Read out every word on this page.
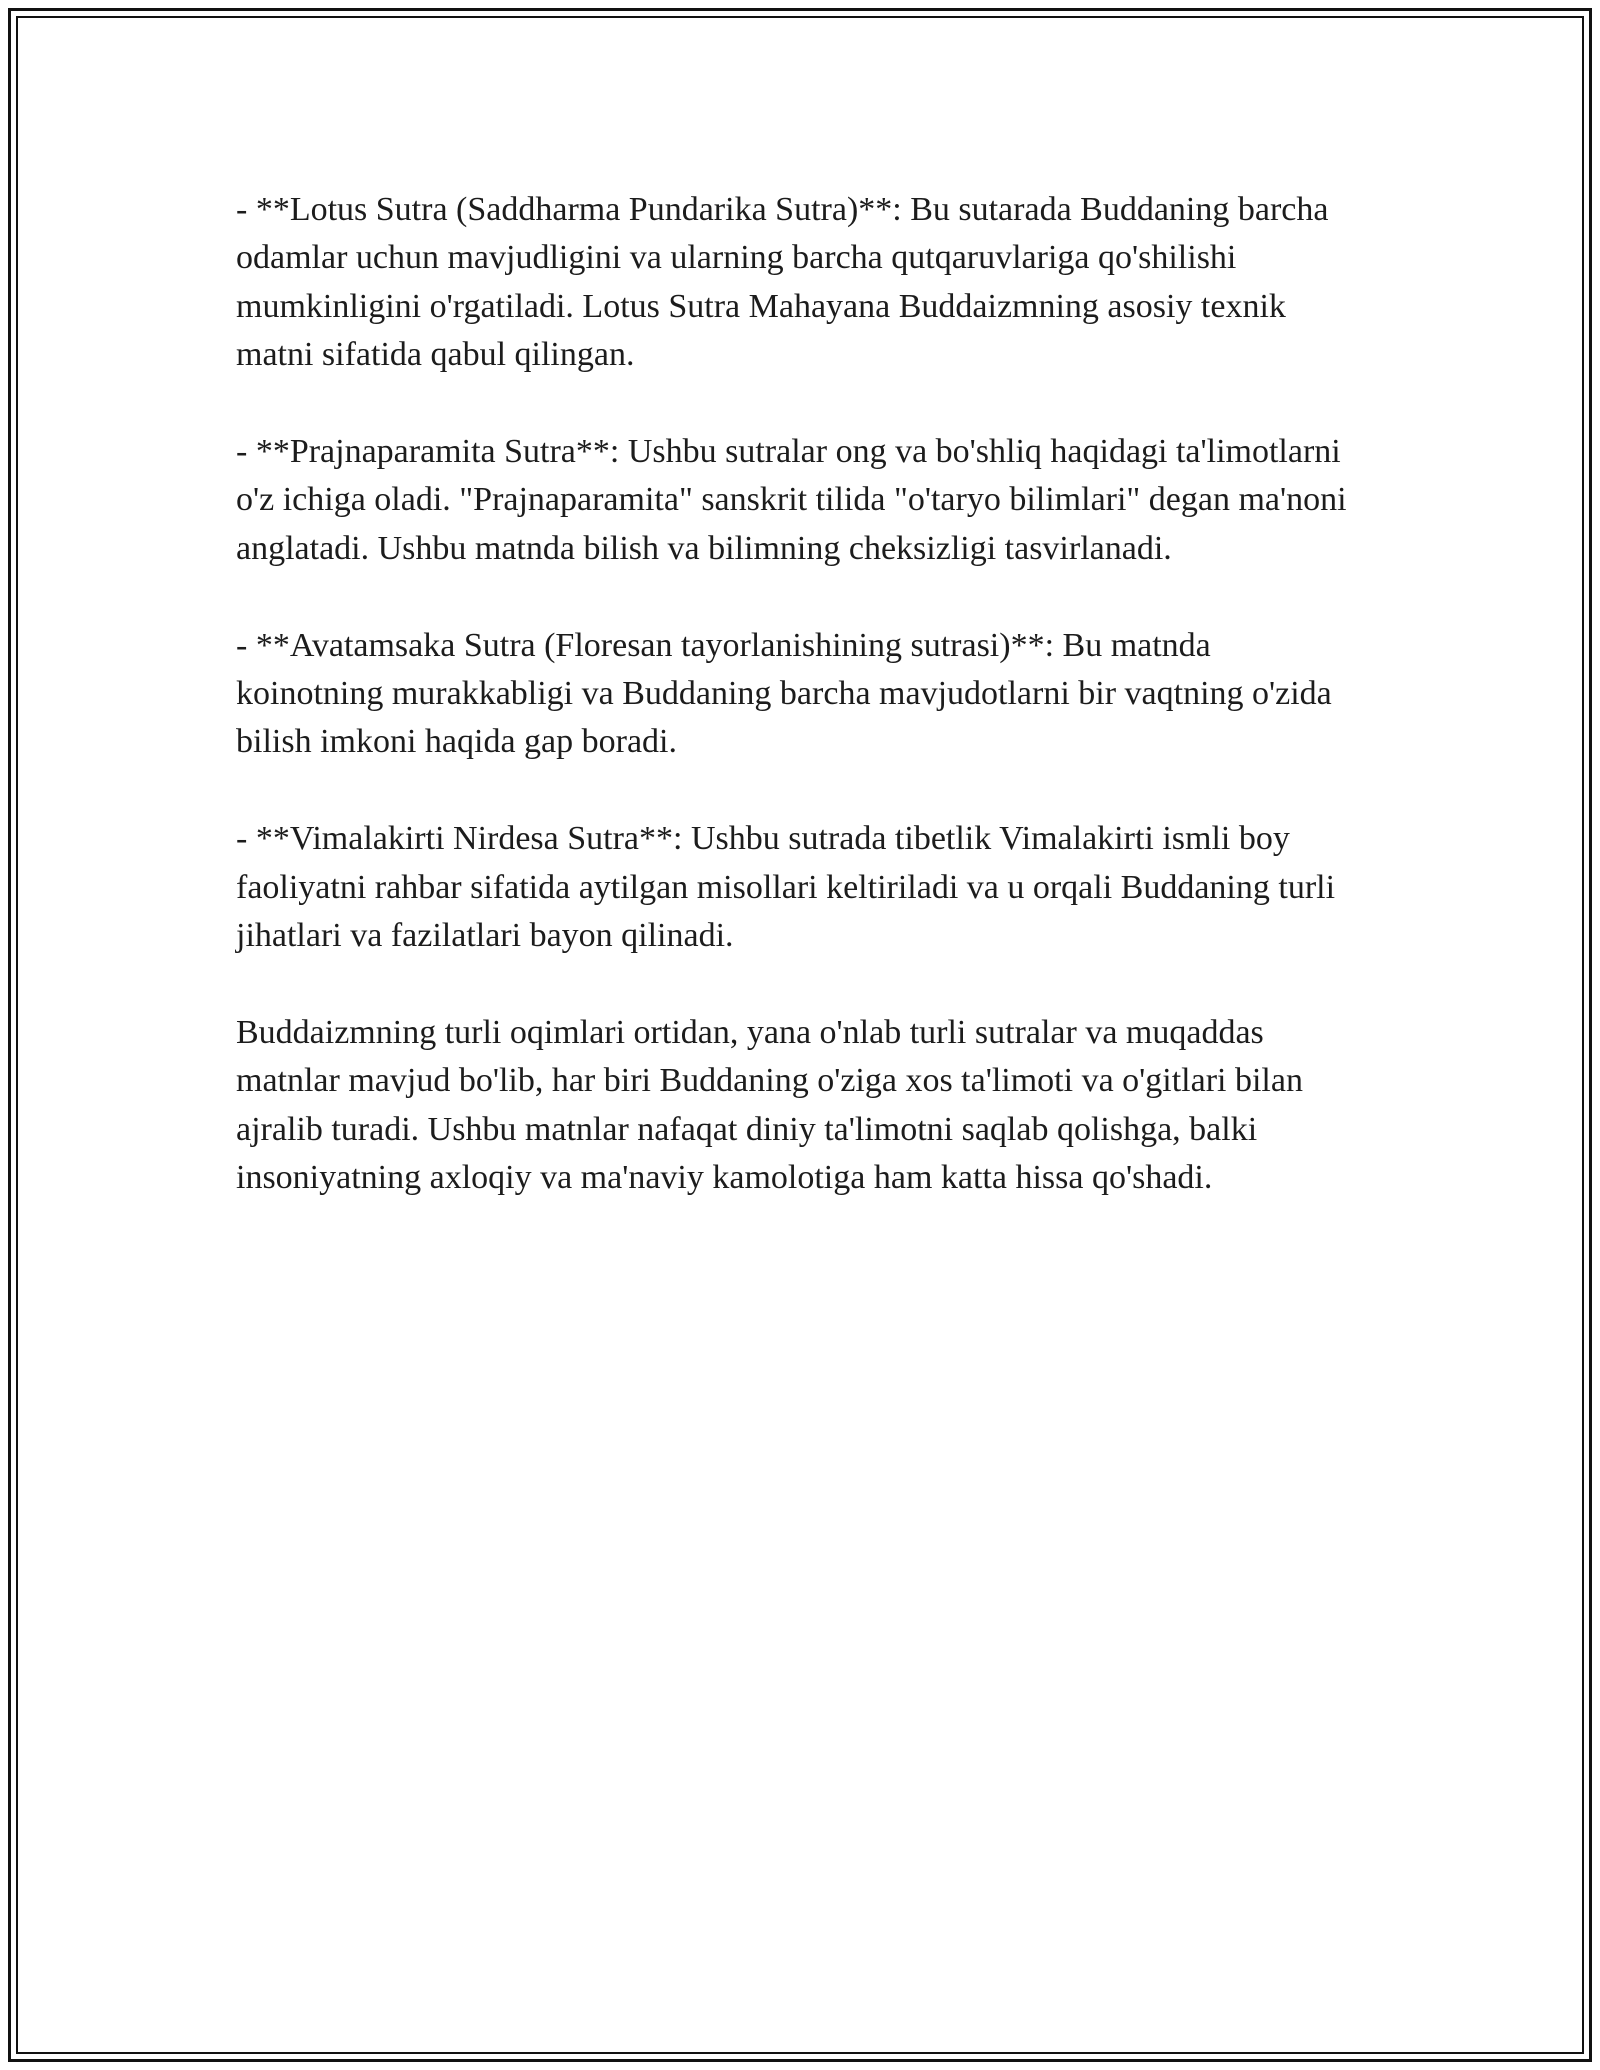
- **Lotus Sutra (Saddharma Pundarika Sutra)**: Bu sutarada Buddaning barcha odamlar uchun mavjudligini va ularning barcha qutqaruvlariga qo'shilishi mumkinligini o'rgatiladi. Lotus Sutra Mahayana Buddaizmning asosiy texnik matni sifatida qabul qilingan.

- **Prajnaparamita Sutra**: Ushbu sutralar ong va bo'shliq haqidagi ta'limotlarni o'z ichiga oladi. "Prajnaparamita" sanskrit tilida "o'taryo bilimlari" degan ma'noni anglatadi. Ushbu matnda bilish va bilimning cheksizligi tasvirlanadi.

- **Avatamsaka Sutra (Floresan tayorlanishining sutrasi)**: Bu matnda koinotning murakkabligi va Buddaning barcha mavjudotlarni bir vaqtning o'zida bilish imkoni haqida gap boradi.

- **Vimalakirti Nirdesa Sutra**: Ushbu sutrada tibetlik Vimalakirti ismli boy faoliyatni rahbar sifatida aytilgan misollari keltiriladi va u orqali Buddaning turli jihatlari va fazilatlari bayon qilinadi.

Buddaizmning turli oqimlari ortidan, yana o'nlab turli sutralar va muqaddas matnlar mavjud bo'lib, har biri Buddaning o'ziga xos ta'limoti va o'gitlari bilan ajralib turadi. Ushbu matnlar nafaqat diniy ta'limotni saqlab qolishga, balki insoniyatning axloqiy va ma'naviy kamolotiga ham katta hissa qo'shadi.
